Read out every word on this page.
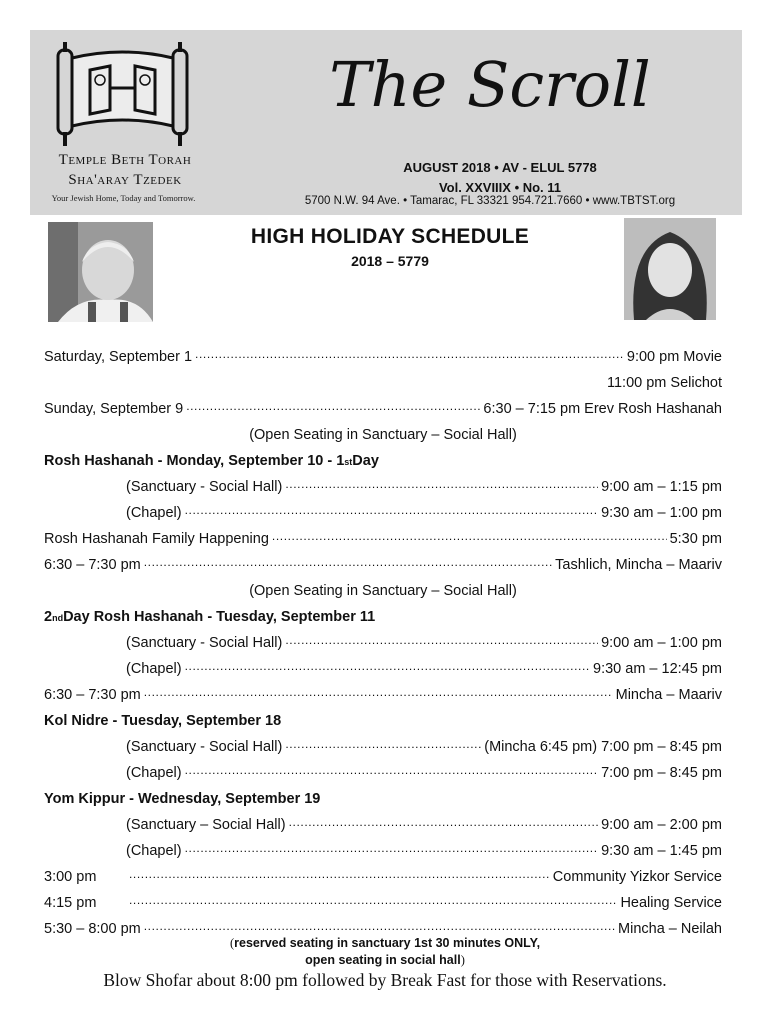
Temple Beth Torah
Sha'aray Tzedek
Your Jewish Home, Today and Tomorrow.
The Scroll
AUGUST 2018 • AV - ELUL 5778
Vol. XXVIIIX • No. 11
5700 N.W. 94 Ave. • Tamarac, FL 33321 954.721.7660 • www.TBTST.org
HIGH HOLIDAY SCHEDULE
2018 – 5779
Saturday, September 1 .....	9:00 pm Movie
11:00 pm Selichot
Sunday, September 9 .....	6:30 – 7:15 pm Erev Rosh Hashanah
(Open Seating in Sanctuary – Social Hall)
Rosh Hashanah - Monday, September 10 - 1 st Day
(Sanctuary - Social Hall) .....	9:00 am – 1:15 pm
(Chapel) .....	9:30 am – 1:00 pm
Rosh Hashanah Family Happening .....	5:30 pm
6:30 – 7:30 pm .....	Tashlich, Mincha – Maariv
(Open Seating in Sanctuary – Social Hall)
2 nd Day Rosh Hashanah - Tuesday, September 11
(Sanctuary - Social Hall) .....	9:00 am – 1:00 pm
(Chapel) .....	9:30 am – 12:45 pm
6:30 – 7:30 pm .....	Mincha – Maariv
Kol Nidre - Tuesday, September 18
(Sanctuary - Social Hall) .....	(Mincha 6:45 pm) 7:00 pm – 8:45 pm
(Chapel) .....	7:00 pm – 8:45 pm
Yom Kippur - Wednesday, September 19
(Sanctuary – Social Hall) .....	9:00 am – 2:00 pm
(Chapel) .....	9:30 am – 1:45 pm
3:00 pm .....	Community Yizkor Service
4:15 pm .....	Healing Service
5:30 – 8:00 pm .....	Mincha – Neilah
(reserved seating in sanctuary 1st 30 minutes ONLY,
open seating in social hall)
Blow Shofar about 8:00 pm followed by Break Fast for those with Reservations.
